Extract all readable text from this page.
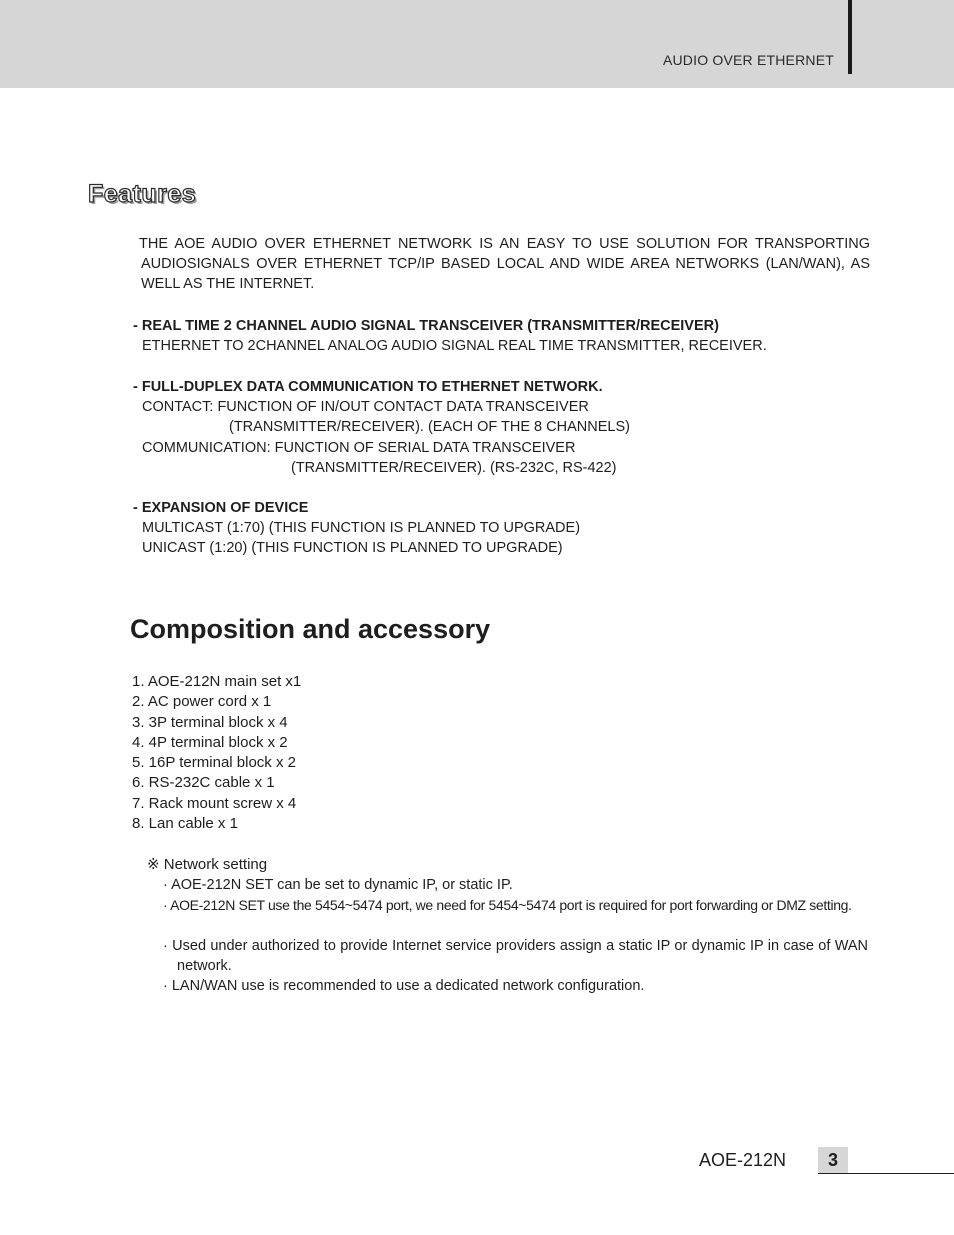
AUDIO OVER ETHERNET
Features

THE AOE AUDIO OVER ETHERNET NETWORK IS AN EASY TO USE SOLUTION FOR TRANSPORTING AUDIOSIGNALS OVER ETHERNET TCP/IP BASED LOCAL AND WIDE AREA NETWORKS (LAN/WAN), AS WELL AS THE INTERNET.

- REAL TIME 2 CHANNEL AUDIO SIGNAL TRANSCEIVER (TRANSMITTER/RECEIVER)
ETHERNET TO 2CHANNEL ANALOG AUDIO SIGNAL REAL TIME TRANSMITTER, RECEIVER.
- FULL-DUPLEX DATA COMMUNICATION TO ETHERNET NETWORK.
CONTACT: FUNCTION OF IN/OUT CONTACT DATA TRANSCEIVER
(TRANSMITTER/RECEIVER). (EACH OF THE 8 CHANNELS)
COMMUNICATION: FUNCTION OF SERIAL DATA TRANSCEIVER
(TRANSMITTER/RECEIVER). (RS-232C, RS-422)
- EXPANSION OF DEVICE
MULTICAST (1:70) (THIS FUNCTION IS PLANNED TO UPGRADE)
UNICAST (1:20) (THIS FUNCTION IS PLANNED TO UPGRADE)
Composition and accessory
1. AOE-212N main set x1
2. AC power cord x 1
3. 3P terminal block x 4
4. 4P terminal block x 2
5. 16P terminal block x 2
6. RS-232C cable x 1
7. Rack mount screw x 4
8. Lan cable x 1
※ Network setting

· AOE-212N SET can be set to dynamic IP, or static IP.

· AOE-212N SET use the 5454~5474 port, we need for 5454~5474 port is required for port forwarding or DMZ setting.

· Used under authorized to provide Internet service providers assign a static IP or dynamic IP in case of WAN network.

· LAN/WAN use is recommended to use a dedicated network configuration.

AOE-212N	3
